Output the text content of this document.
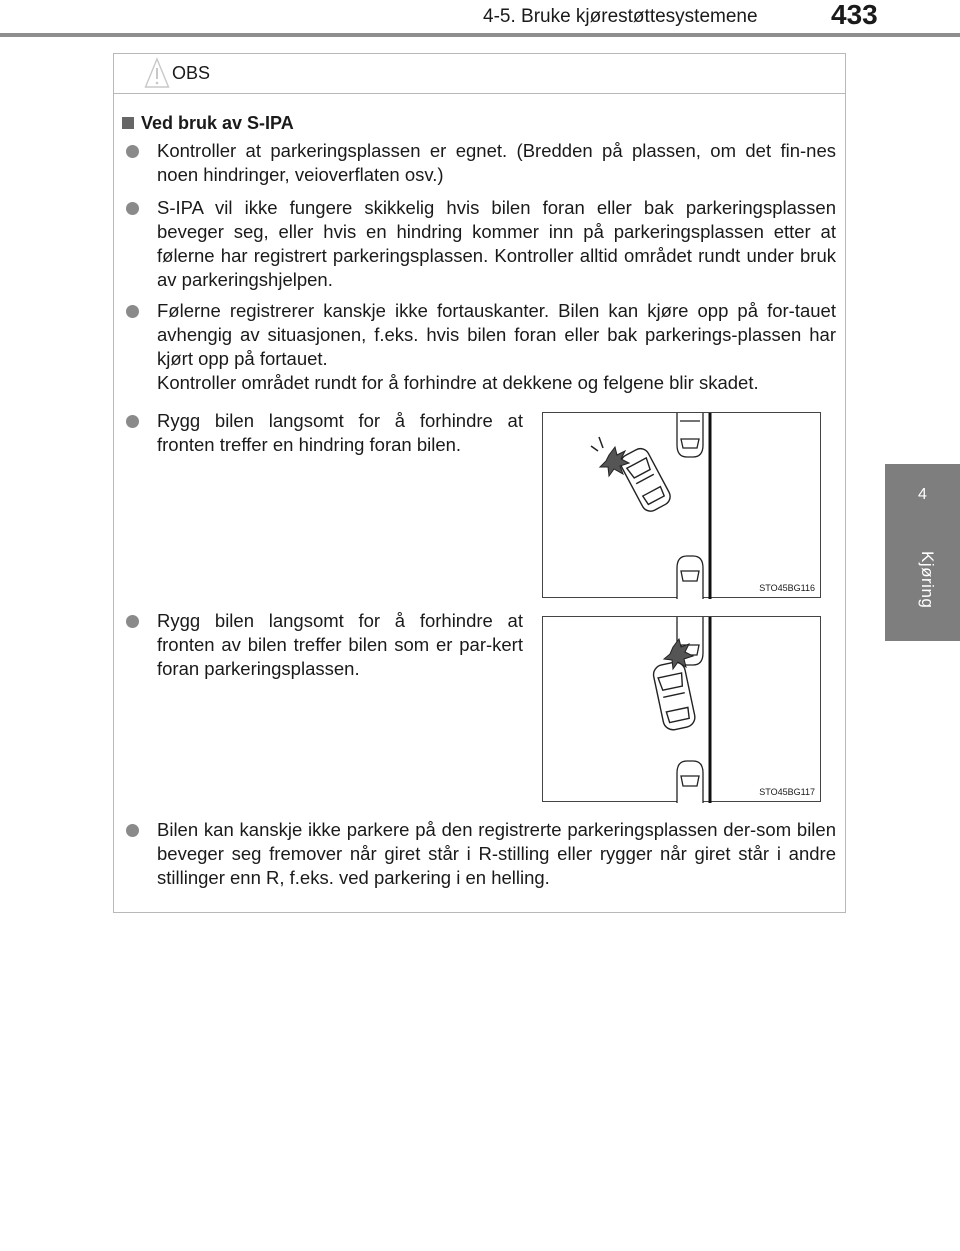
4-5. Bruke kjørestøttesystemene	433
4
Kjøring
OBS
Ved bruk av S-IPA
Kontroller at parkeringsplassen er egnet. (Bredden på plassen, om det fin-nes noen hindringer, veioverflaten osv.)
S-IPA vil ikke fungere skikkelig hvis bilen foran eller bak parkeringsplassen beveger seg, eller hvis en hindring kommer inn på parkeringsplassen etter at følerne har registrert parkeringsplassen. Kontroller alltid området rundt under bruk av parkeringshjelpen.
Følerne registrerer kanskje ikke fortauskanter. Bilen kan kjøre opp på for-tauet avhengig av situasjonen, f.eks. hvis bilen foran eller bak parkerings-plassen har kjørt opp på fortauet.
Kontroller området rundt for å forhindre at dekkene og felgene blir skadet.
Rygg bilen langsomt for å forhindre at fronten treffer en hindring foran bilen.
Rygg bilen langsomt for å forhindre at fronten av bilen treffer bilen som er par-kert foran parkeringsplassen.
Bilen kan kanskje ikke parkere på den registrerte parkeringsplassen der-som bilen beveger seg fremover når giret står i R-stilling eller rygger når giret står i andre stillinger enn R, f.eks. ved parkering i en helling.
STO45BG116
STO45BG117
